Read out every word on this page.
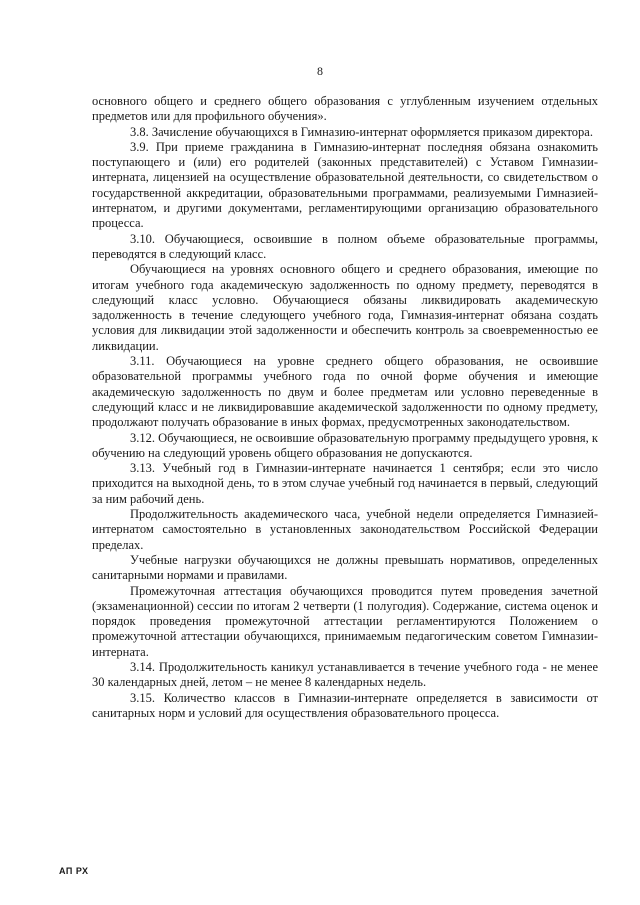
8

основного общего и среднего общего образования с углубленным изучением отдельных предметов или для профильного обучения».

3.8. Зачисление обучающихся в Гимназию-интернат оформляется приказом директора.

3.9. При приеме гражданина в Гимназию-интернат последняя обязана ознакомить поступающего и (или) его родителей (законных представителей) с Уставом Гимназии-интерната, лицензией на осуществление образовательной деятельности, со свидетельством о государственной аккредитации, образовательными программами, реализуемыми Гимназией-интернатом, и другими документами, регламентирующими организацию образовательного процесса.

3.10. Обучающиеся, освоившие в полном объеме образовательные программы, переводятся в следующий класс.

Обучающиеся на уровнях основного общего и среднего образования, имеющие по итогам учебного года академическую задолженность по одному предмету, переводятся в следующий класс условно. Обучающиеся обязаны ликвидировать академическую задолженность в течение следующего учебного года, Гимназия-интернат обязана создать условия для ликвидации этой задолженности и обеспечить контроль за своевременностью ее ликвидации.

3.11. Обучающиеся на уровне среднего общего образования, не освоившие образовательной программы учебного года по очной форме обучения и имеющие академическую задолженность по двум и более предметам или условно переведенные в следующий класс и не ликвидировавшие академической задолженности по одному предмету, продолжают получать образование в иных формах, предусмотренных законодательством.

3.12. Обучающиеся, не освоившие образовательную программу предыдущего уровня, к обучению на следующий уровень общего образования не допускаются.

3.13. Учебный год в Гимназии-интернате начинается 1 сентября; если это число приходится на выходной день, то в этом случае учебный год начинается в первый, следующий за ним рабочий день.

Продолжительность академического часа, учебной недели определяется Гимназией-интернатом самостоятельно в установленных законодательством Российской Федерации пределах.

Учебные нагрузки обучающихся не должны превышать нормативов, определенных санитарными нормами и правилами.

Промежуточная аттестация обучающихся проводится путем проведения зачетной (экзаменационной) сессии по итогам 2 четверти (1 полугодия). Содержание, система оценок и порядок проведения промежуточной аттестации регламентируются Положением о промежуточной аттестации обучающихся, принимаемым педагогическим советом Гимназии-интерната.

3.14. Продолжительность каникул устанавливается в течение учебного года - не менее 30 календарных дней, летом – не менее 8 календарных недель.

3.15. Количество классов в Гимназии-интернате определяется в зависимости от санитарных норм и условий для осуществления образовательного процесса.

АП РХ
